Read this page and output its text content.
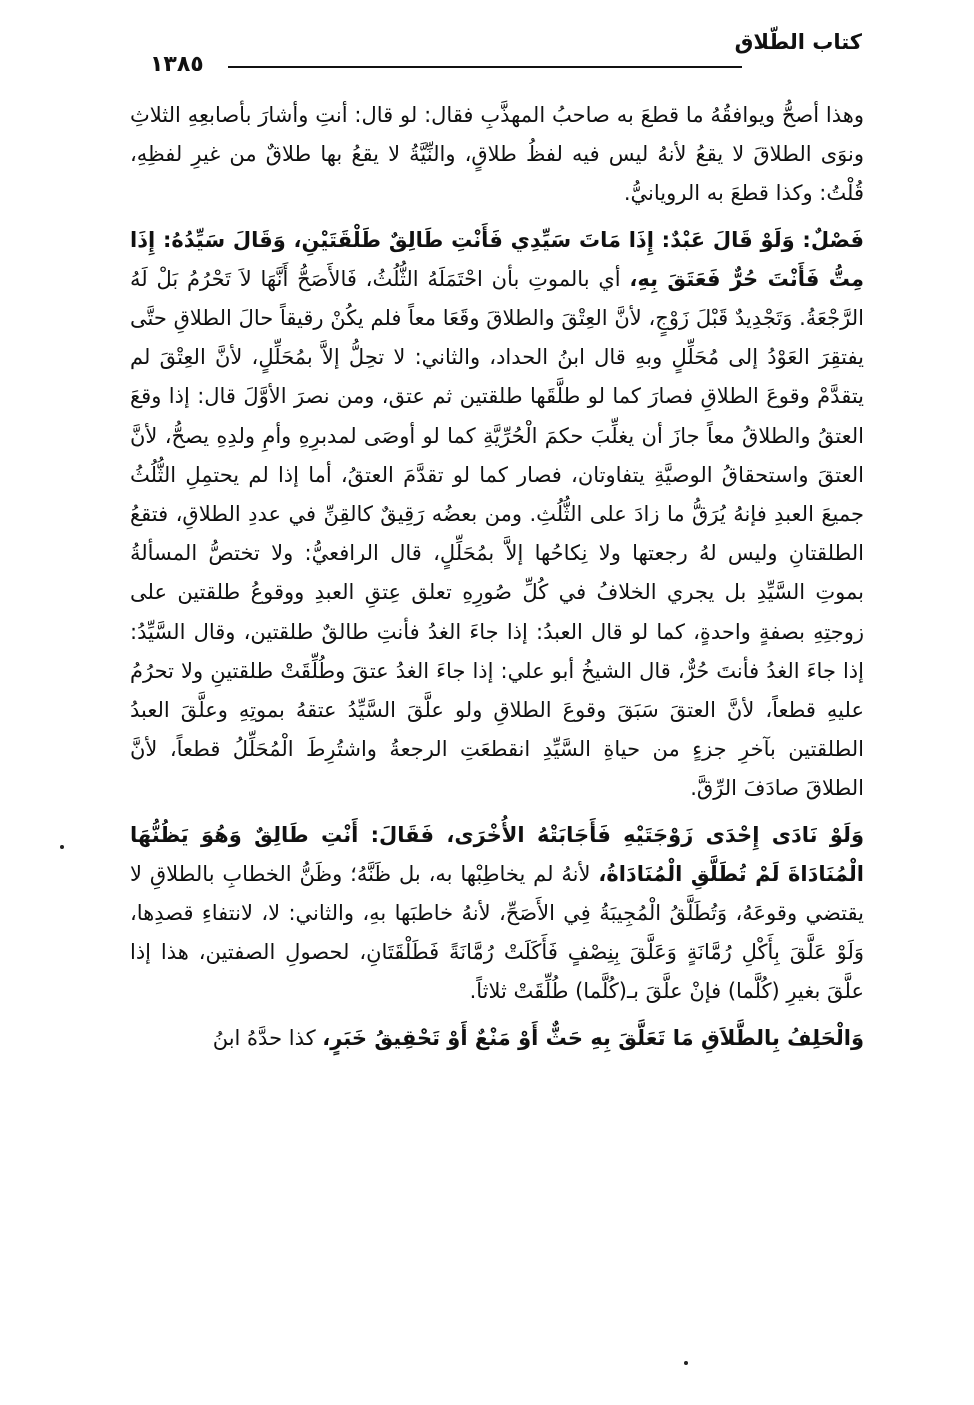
كتاب الطّلاق
١٣٨٥

وهذا أصحُّ ويوافقُهُ ما قطعَ به صاحبُ المهذَّبِ فقال: لو قال: أنتِ وأشارَ بأصابعِهِ الثلاثِ ونوَى الطلاقَ لا يقعُ لأنهُ ليس فيه لفظُ طلاقٍ، والنِّيَّةُ لا يقعُ بها طلاقٌ من غيرِ لفظِهِ، قُلْتُ: وكذا قطعَ به الرويانيُّ.

فَصْلٌ: وَلَوْ قَالَ عَبْدٌ: إِذَا مَاتَ سَيِّدِي فَأَنْتِ طَالِقٌ طَلْقَتَيْنِ، وَقَالَ سَيِّدُهُ: إِذَا مِتُّ فَأَنْتَ حُرٌّ فَعَتَقَ بِهِ، أي بالموتِ بأن احْتَمَلَهُ الثُّلُثُ، فَالأَصَحُّ أَنَّهَا لاَ تَحْرُمُ بَلْ لَهُ الرَّجْعَةُ. وَتَجْدِيدٌ قَبْلَ زَوْجٍ، لأنَّ العِتْقَ والطلاقَ وقَعَا معاً فلم يكُنْ رقيقاً حالَ الطلاقِ حتَّى يفتقِرَ العَوْدُ إلى مُحَلِّلٍ وبهِ قال ابنُ الحداد، والثاني: لا تحِلُّ إلاَّ بمُحَلِّلٍ، لأنَّ العِتْقَ لم يتقدَّمْ وقوعَ الطلاقِ فصارَ كما لو طلَّقَها طلقتين ثم عتق، ومن نصرَ الأوَّلَ قال: إذا وقعَ العتقُ والطلاقُ معاً جازَ أن يغلِّبَ حكمَ الْحُرِّيَّةِ كما لو أوصَى لمدبرِهِ وأمِ ولدِهِ يصحُّ، لأنَّ العتقَ واستحقاقُ الوصيَّةِ يتفاوتان، فصار كما لو تقدَّمَ العتقُ، أما إذا لم يحتمِلِ الثُّلُثُ جميعَ العبدِ فإنهُ يُرَقُّ ما زادَ على الثُّلُثِ. ومن بعضُه رَقِيقٌ كالقِنِّ في عددِ الطلاقِ، فتقعُ الطلقتانِ وليس لهُ رجعتها ولا نِكاحُها إلاَّ بمُحَلِّلٍ، قال الرافعيُّ: ولا تختصُّ المسألةُ بموتِ السَّيِّدِ بل يجري الخلافُ في كُلِّ صُورِهِ تعلق عِتقِ العبدِ ووقوعُ طلقتين على زوجتِهِ بصفةٍ واحدةٍ، كما لو قال العبدُ: إذا جاءَ الغدُ فأنتِ طالقٌ طلقتين، وقال السَّيِّدُ: إذا جاءَ الغدُ فأنتَ حُرٌّ، قال الشيخُ أبو علي: إذا جاءَ الغدُ عتقَ وطُلِّقَتْ طلقتينِ ولا تحرُمُ عليهِ قطعاً، لأنَّ العتقَ سَبَقَ وقوعَ الطلاقِ ولو علَّقَ السَّيِّدُ عتقهُ بموتِهِ وعلَّقَ العبدُ الطلقتين بآخرِ جزءٍ من حياةِ السَّيِّدِ انقطعَتِ الرجعةُ واشتُرِطَ الْمُحَلِّلُ قطعاً، لأنَّ الطلاقَ صادَفَ الرِّقَّ.

وَلَوْ نَادَى إِحْدَى زَوْجَتَيْهِ فَأَجَابَتْهُ الأُخْرَى، فَقَالَ: أَنْتِ طَالِقٌ وَهُوَ يَظُنُّهَا الْمُنَادَاةَ لَمْ تُطَلَّقِ الْمُنَادَاةُ، لأنهُ لم يخاطِبْها به، بل ظَنَّهُ؛ وظَنُّ الخطابِ بالطلاقِ لا يقتضي وقوعَهُ، وَتُطَلَّقُ الْمُجِيبَةُ فِي الأَصَحِّ، لأنهُ خاطبَها بهِ، والثاني: لا، لانتفاءِ قصدِها، وَلَوْ عَلَّقَ بِأَكْلِ رُمَّانَةٍ وَعَلَّقَ بِنِصْفٍ فَأَكَلَتْ رُمَّانَةً فَطَلْقَتَانِ، لحصولِ الصفتين، هذا إذا علَّقَ بغيرِ (كُلَّما) فإنْ علَّقَ بـ(كُلَّما) طُلِّقَتْ ثلاثاً.

وَالْحَلِفُ بِالطَّلاَقِ مَا تَعَلَّقَ بِهِ حَثٌّ أَوْ مَنْعٌ أَوْ تَحْقِيقُ خَبَرٍ، كذا حدَّهُ ابنُ
